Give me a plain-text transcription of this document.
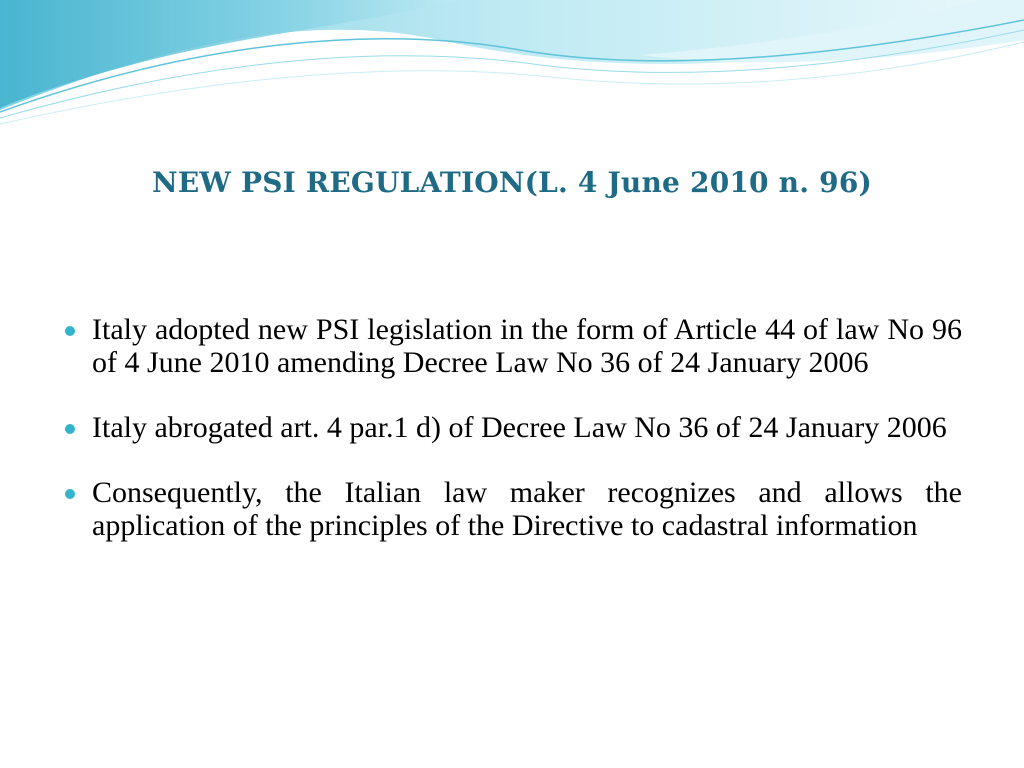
NEW PSI REGULATION(L. 4 June 2010 n. 96)
Italy adopted new PSI legislation in the form of Article 44 of law No 96 of 4 June 2010 amending Decree Law No 36 of 24 January 2006
Italy abrogated art. 4 par.1 d) of Decree Law No 36 of 24 January 2006
Consequently, the Italian law maker recognizes and allows the application of the principles of the Directive to cadastral information
